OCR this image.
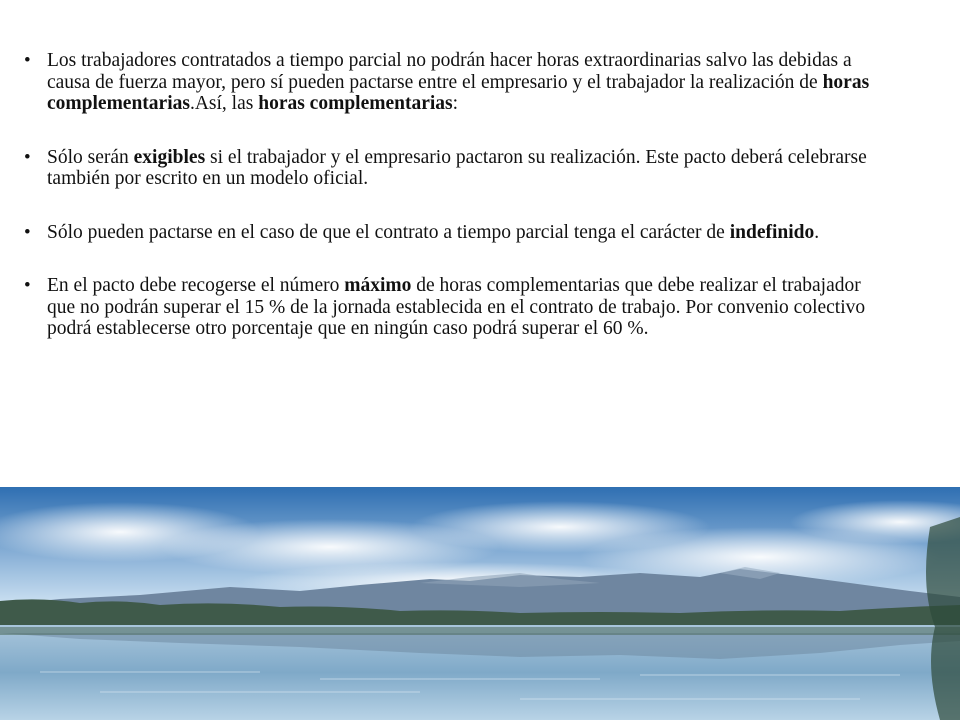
• Los trabajadores contratados a tiempo parcial no podrán hacer horas extraordinarias salvo las debidas a causa de fuerza mayor, pero sí pueden pactarse entre el empresario y el trabajador la realización de horas complementarias.Así, las horas complementarias:
• Sólo serán exigibles si el trabajador y el empresario pactaron su realización. Este pacto deberá celebrarse también por escrito en un modelo oficial.
• Sólo pueden pactarse en el caso de que el contrato a tiempo parcial tenga el carácter de indefinido.
• En el pacto debe recogerse el número máximo de horas complementarias que debe realizar el trabajador que no podrán superar el 15 % de la jornada establecida en el contrato de trabajo. Por convenio colectivo podrá establecerse otro porcentaje que en ningún caso podrá superar el 60 %.
